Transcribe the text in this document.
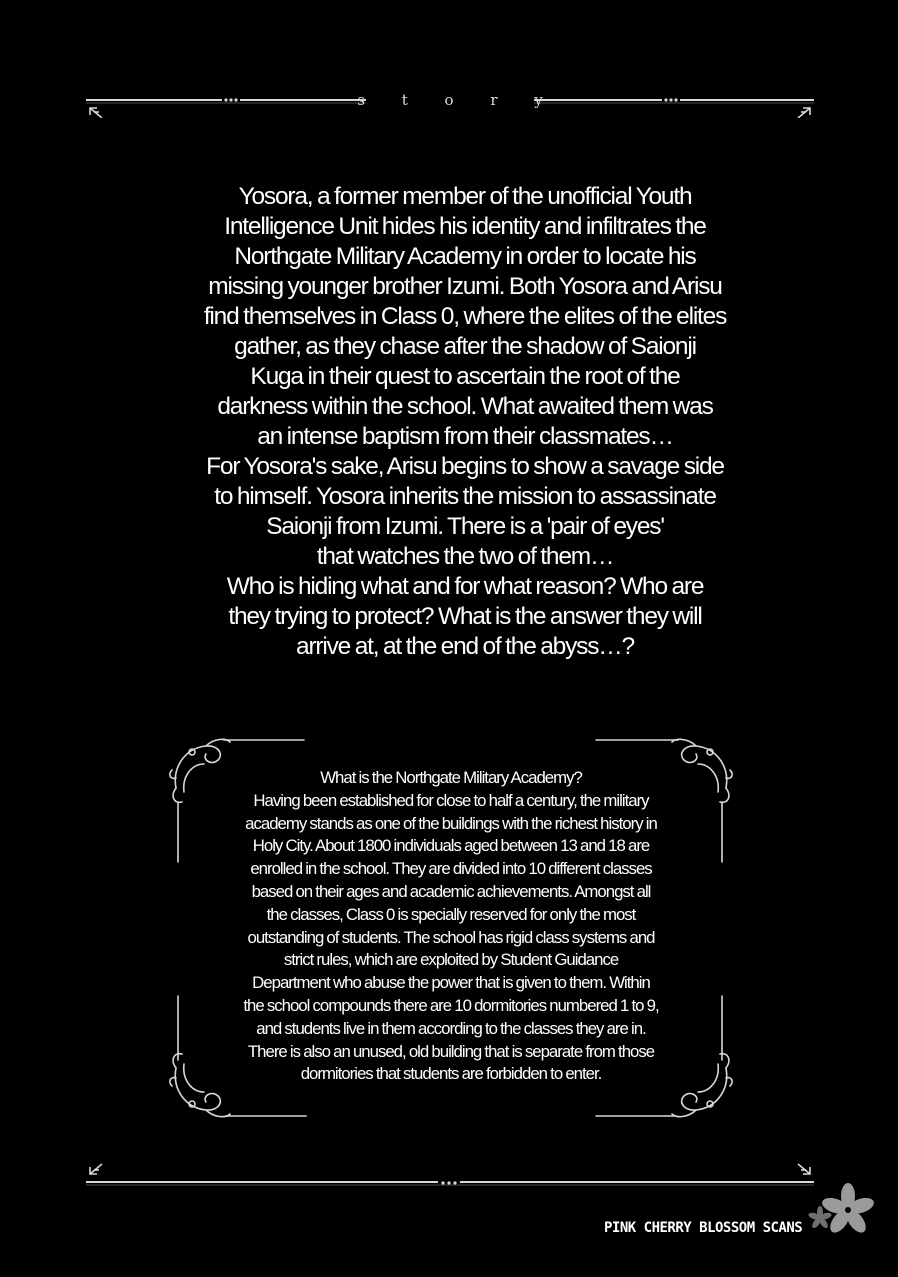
s t o r y

Yosora, a former member of the unofficial Youth

Intelligence Unit hides his identity and infiltrates the

Northgate Military Academy in order to locate his

missing younger brother Izumi. Both Yosora and Arisu

find themselves in Class 0, where the elites of the elites

gather, as they chase after the shadow of Saionji

Kuga in their quest to ascertain the root of the

darkness within the school. What awaited them was

an intense baptism from their classmates…

For Yosora's sake, Arisu begins to show a savage side

to himself. Yosora inherits the mission to assassinate

Saionji from Izumi. There is a 'pair of eyes'

that watches the two of them…

Who is hiding what and for what reason? Who are

they trying to protect? What is the answer they will

arrive at, at the end of the abyss…?

What is the Northgate Military Academy?

Having been established for close to half a century, the military

academy stands as one of the buildings with the richest history in

Holy City. About 1800 individuals aged between 13 and 18 are

enrolled in the school. They are divided into 10 different classes

based on their ages and academic achievements. Amongst all

the classes, Class 0 is specially reserved for only the most

outstanding of students. The school has rigid class systems and

strict rules, which are exploited by Student Guidance

Department who abuse the power that is given to them. Within

the school compounds there are 10 dormitories numbered 1 to 9,

and students live in them according to the classes they are in.

There is also an unused, old building that is separate from those

dormitories that students are forbidden to enter.

PINK CHERRY BLOSSOM SCANS
